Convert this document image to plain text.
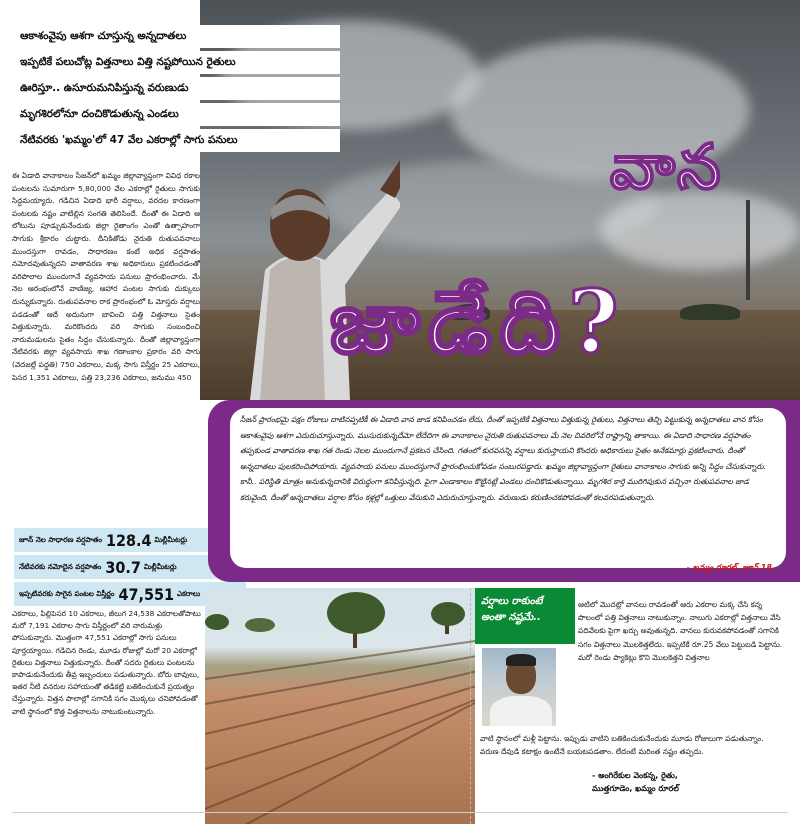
ఆకాశంవైపు ఆశగా చూస్తున్న అన్నదాతలు
ఇప్పటికే పలుచోట్ల విత్తనాలు విత్తి నష్టపోయిన రైతులు
ఊరిస్తూ.. ఉసూరుమనిపిస్తున్న వరుణుడు
మృగశిరలోనూ దంచికొడుతున్న ఎండలు
నేటివరకు 'ఖమ్మం'లో 47 వేల ఎకరాల్లో సాగు పనులు	వాన
జాడేది?
ఈ ఏడాది వానాకాలం సీజన్‌లో ఖమ్మం జిల్లావ్యాప్తంగా వివిధ రకాల పంటలను సుమారుగా 5,80,000 వేల ఎకరాల్లో రైతులు సాగుకు సిద్ధమయ్యారు. గడిచిన ఏడాది భారీ వర్షాలు, వరదల కారణంగా పంటలకు నష్టం వాటిల్లిన సంగతి తెలిసిందే. దీంతో ఈ ఏడాది ఆ లోటును పూడ్చుకునేందుకు జిల్లా రైతాంగం ఎంతో ఉత్సాహంగా సాగుకు శ్రీకారం చుట్టారు. దీనికితోడు నైరుతి రుతుపవనాలు ముందస్తుగా రావడం, సాధారణం కంటే అధిక వర్షపాతం నమోదవుతున్నదని వాతావరణ శాఖ అధికారులు ప్రకటించడంతో వరిపొలాల ముందుగానే వ్యవసాయ పనులు ప్రారంభించారు. మే నెల ఆరంభంలోనే వాణిజ్య, ఆహార పంటల సాగుకు దుక్కులు దున్నుకున్నారు. రుతుపవనాల రాక ప్రారంభంలో ఓ మోస్తరు వర్షాలు పడడంతో ఆదే అదునుగా బావించి పత్తి విత్తనాలు సైతం విత్తుకున్నారు. మరికొందరు వరి సాగుకు సంబంధించి నారుమడులను సైతం సిద్ధం చేసుకున్నారు. దీంతో జిల్లావ్యాప్తంగా నేటివరకు జిల్లా వ్యవసాయ శాఖ గణాంకాల ప్రకారం వరి సాగు (వెదజల్లే పద్ధతి) 750 ఎకరాలు, మక్క సాగు విస్తీర్ణం 25 ఎకరాలు, పెసర 1,351 ఎకరాలు, పత్తి 23,236 ఎకరాలు, జనుము 450
జూన్ నెల సాధారణ వర్షపాతం 128.4 మిల్లీమీటర్లు
నేటివరకు నమోదైన వర్షపాతం 30.7 మిల్లీమీటర్లు
ఇప్పటివరకు సాగైన పంటల విస్తీర్ణం 47,551 ఎకరాలు
ఎకరాలు, పిల్లిపెసర 10 ఎకరాలు, జీలుగ 24,538 ఎకరాలతోపాటు మరో 7,191 ఎకరాల సాగు విస్తీర్ణంలో వరి నారుమళ్లు పోసుకున్నారు. మొత్తంగా 47,551 ఎకరాల్లో సాగు పనులు పూర్తయ్యాయి. గడిచిన రెండు, మూడు రోజుల్లో మరో 20 ఎకరాల్లో రైతులు విత్తనాలు విత్తుకున్నారు. దీంతో సదరు రైతులు పంటలను కాపాడుకునేందుకు తీవ్ర ఇబ్బందులు పడుతున్నారు. బోరు బావులు, ఇతర నీటి వనరుల సహాయంతో తడికట్టి బతికించుకునే ప్రయత్నం చేస్తున్నారు. విత్తన పాలాల్లో సగానికి సగం మొక్కలు చనిపోవడంతో వాటి స్థానంలో కొత్త విత్తనాలను నాటుకుంటున్నారు.
సీజన్ ప్రారంభమై పక్షం రోజులు దాటినప్పటికీ ఈ ఏడాది వాన జాడ కనిపించడం లేదు. దీంతో ఇప్పటికే విత్తనాలు విత్తుకున్న రైతులు, విత్తనాలు తెచ్చి పెట్టుకున్న అన్నదాతలు వాన కోసం ఆకాశంవైపు ఆశగా ఎదురుచూస్తున్నారు. ముసురుకున్నదేమో లేదేదిగా ఈ వానాకాలం నైరుతి రుతుపవనాలు మే నెల చివరిలోనే రాష్ట్రాన్ని తాకాయి. ఈ ఏడాది సాధారణ వర్షపాతం తప్పకుండ వాతావరణ శాఖ గత రెండు నెలల ముందుగానే ప్రకటన చేసింది. గతంలో కురవనన్ని వర్షాలు కురుస్తాయని కొందరు అధికారులు సైతం అనేకమార్లు ప్రకటించారు. దీంతో అన్నదాతలు పులకరించిపోయారు. వ్యవసాయ పనులు ముందస్తుగానే ప్రారంభించుకోవడం సంబురపడ్డారు. ఖమ్మం జిల్లావ్యాప్తంగా రైతులు వానాకాలం సాగుకు అన్ని సిద్ధం చేసుకున్నారు. కానీ.. పరిస్థితి మాత్రం అనుకున్నదానికి విరుద్ధంగా కనిపిస్తున్నది. పైగా ఎండాకాలం కొట్టినట్లే ఎండలు దంచికొడుతున్నాయి. మృగశిర కార్తె మురిగిపుకున వచ్చినా రుతుపవనాల జాడ కరువైంది. దీంతో అన్నదాతలు వర్షాల కోసం కళ్లల్లో ఒత్తులు వేసుకుని ఎదురుచూస్తున్నారు. వరుణుడు కరుణించకపోవడంతో కలవరపడుతున్నారు.
- ఖమ్మం రూరల్, జూన్ 18
వర్షాలు రాకుంటే అంతా నష్టమే..
ఆటిలో మొదట్లో వానలు రావడంతో ఆరు ఎకరాల మక్క చేసి కన్న పొలంలో పత్తి విత్తనాలు నాటుకున్నాం. నాలుగు ఎకరాల్లో విత్తనాలు వేసి పదివేలకు పైగా ఖర్చు అవుతున్నది. వానలు కురువకపోవడంతో సగానికి సగం విత్తనాలు మొలకెత్తలేదు. ఇప్పటికే రూ.25 వేలు పెట్టుబడి పెట్టాను. మరో రెండు ప్యాకెట్లు కొని మొలకెత్తని విత్తనాల
వాటి స్థానంలో మళ్లీ పెట్టాను. ఇప్పుడు వాటిని బతికించుకునేందుకు మూడు రోజులుగా పడుతున్నాం. వరుణ దేవుడి కటాక్షం ఉంటేనే బయటపడతాం. లేదంటే మరింత నష్టం తప్పదు.
- అంగిరేకుల వెంకన్న, రైతు,
ముత్తగూడెం, ఖమ్మం రూరల్
